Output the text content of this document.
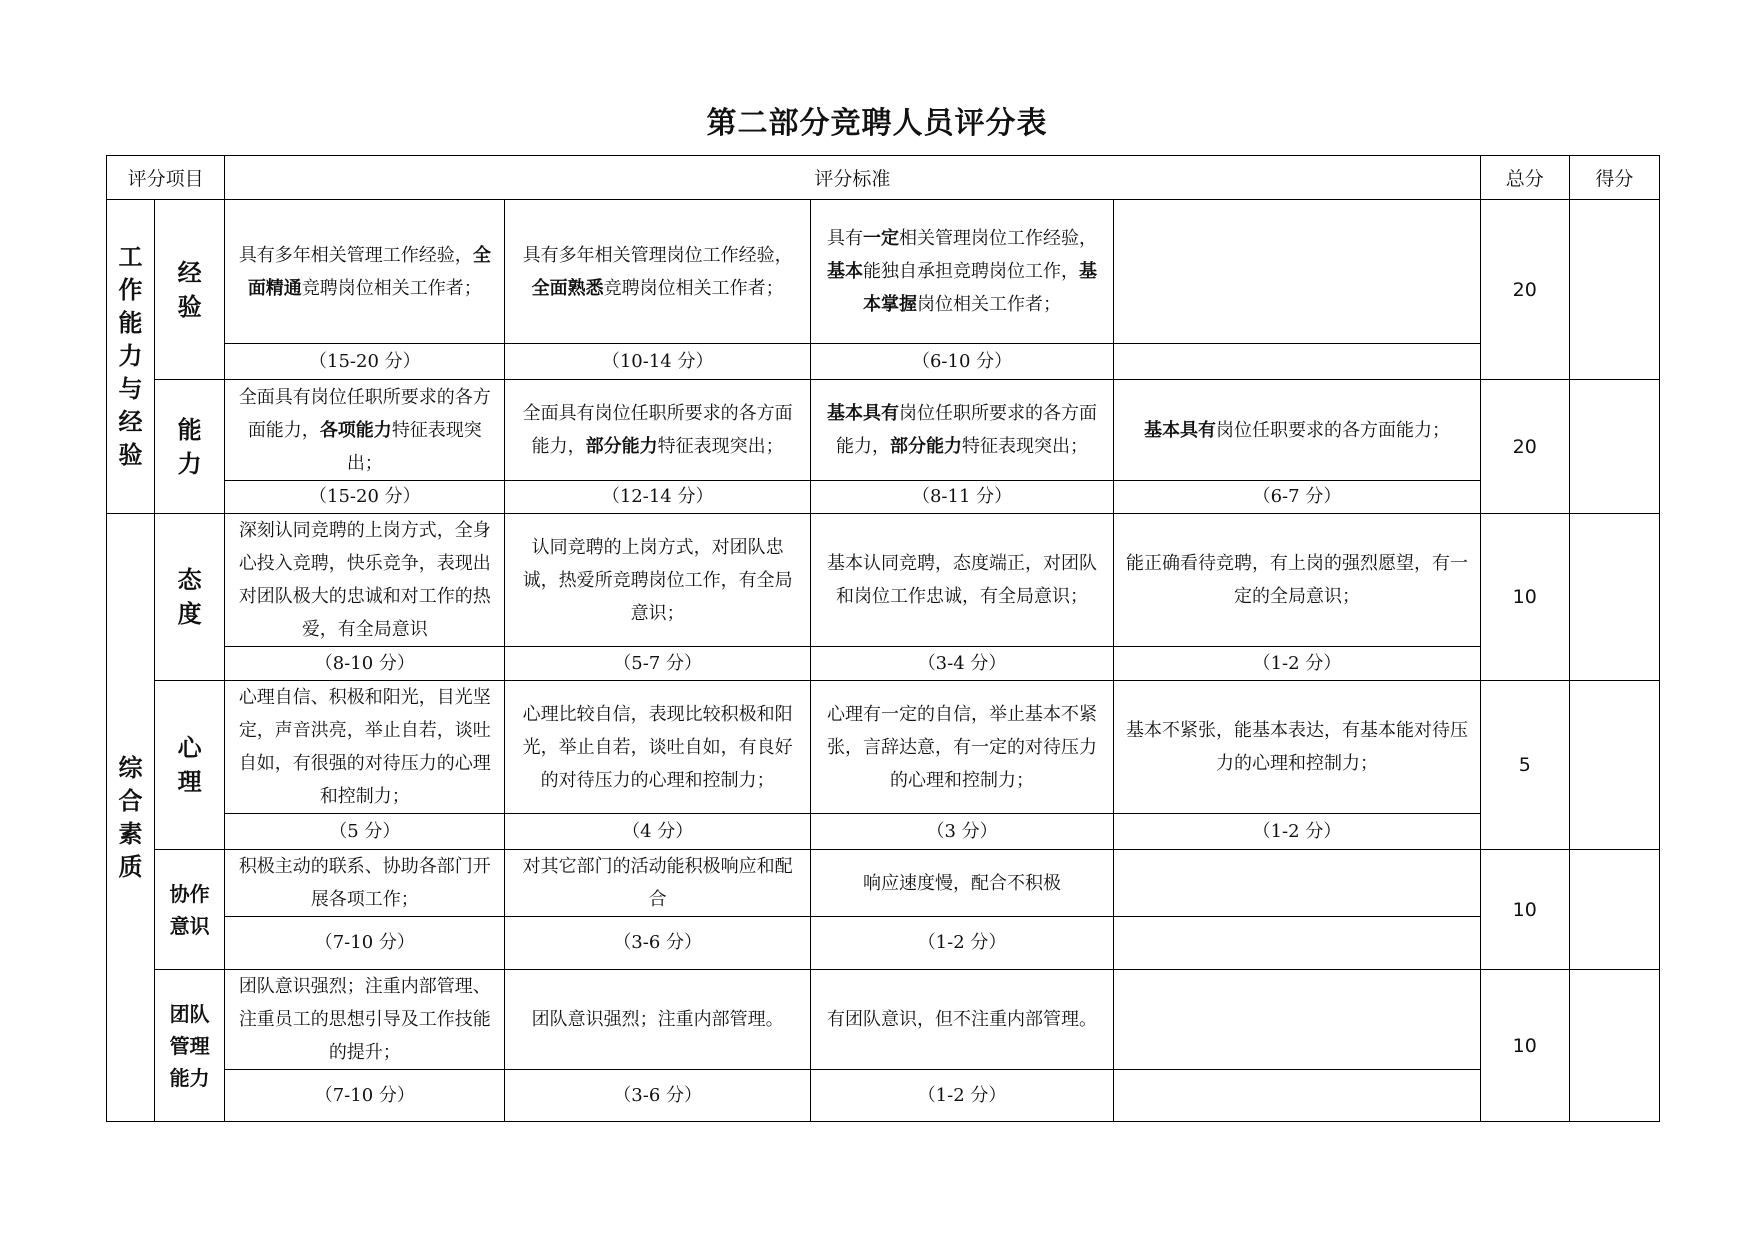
第二部分竞聘人员评分表
评分项目		评分标准				总分	得分
工作能力与经验	经验	具有多年相关管理工作经验，全面精通竞聘岗位相关工作者；	具有多年相关管理岗位工作经验，全面熟悉竞聘岗位相关工作者；	具有一定相关管理岗位工作经验，基本能独自承担竞聘岗位工作，基本掌握岗位相关工作者；		20	
		（15-20 分）	（10-14 分）	（6-10 分）			
	能力	全面具有岗位任职所要求的各方面能力，各项能力特征表现突出；	全面具有岗位任职所要求的各方面能力，部分能力特征表现突出；	基本具有岗位任职所要求的各方面能力，部分能力特征表现突出；	基本具有岗位任职要求的各方面能力；	20	
		（15-20 分）	（12-14 分）	（8-11 分）	（6-7 分）		
综合素质	态度	深刻认同竞聘的上岗方式，全身心投入竞聘，快乐竞争，表现出对团队极大的忠诚和对工作的热爱，有全局意识	认同竞聘的上岗方式，对团队忠诚，热爱所竞聘岗位工作，有全局意识；	基本认同竞聘，态度端正，对团队和岗位工作忠诚，有全局意识；	能正确看待竞聘，有上岗的强烈愿望，有一定的全局意识；	10	
		（8-10 分）	（5-7 分）	（3-4 分）	（1-2 分）		
	心理	心理自信、积极和阳光，目光坚定，声音洪亮，举止自若，谈吐自如，有很强的对待压力的心理和控制力；	心理比较自信，表现比较积极和阳光，举止自若，谈吐自如，有良好的对待压力的心理和控制力；	心理有一定的自信，举止基本不紧张，言辞达意，有一定的对待压力的心理和控制力；	基本不紧张，能基本表达，有基本能对待压力的心理和控制力；	5	
		（5 分）	（4 分）	（3 分）	（1-2 分）		
	协作意识	积极主动的联系、协助各部门开展各项工作；	对其它部门的活动能积极响应和配合	响应速度慢，配合不积极		10	
		（7-10 分）	（3-6 分）	（1-2 分）			
	团队管理能力	团队意识强烈；注重内部管理、注重员工的思想引导及工作技能的提升；	团队意识强烈；注重内部管理。	有团队意识，但不注重内部管理。		10	
		（7-10 分）	（3-6 分）	（1-2 分）			
